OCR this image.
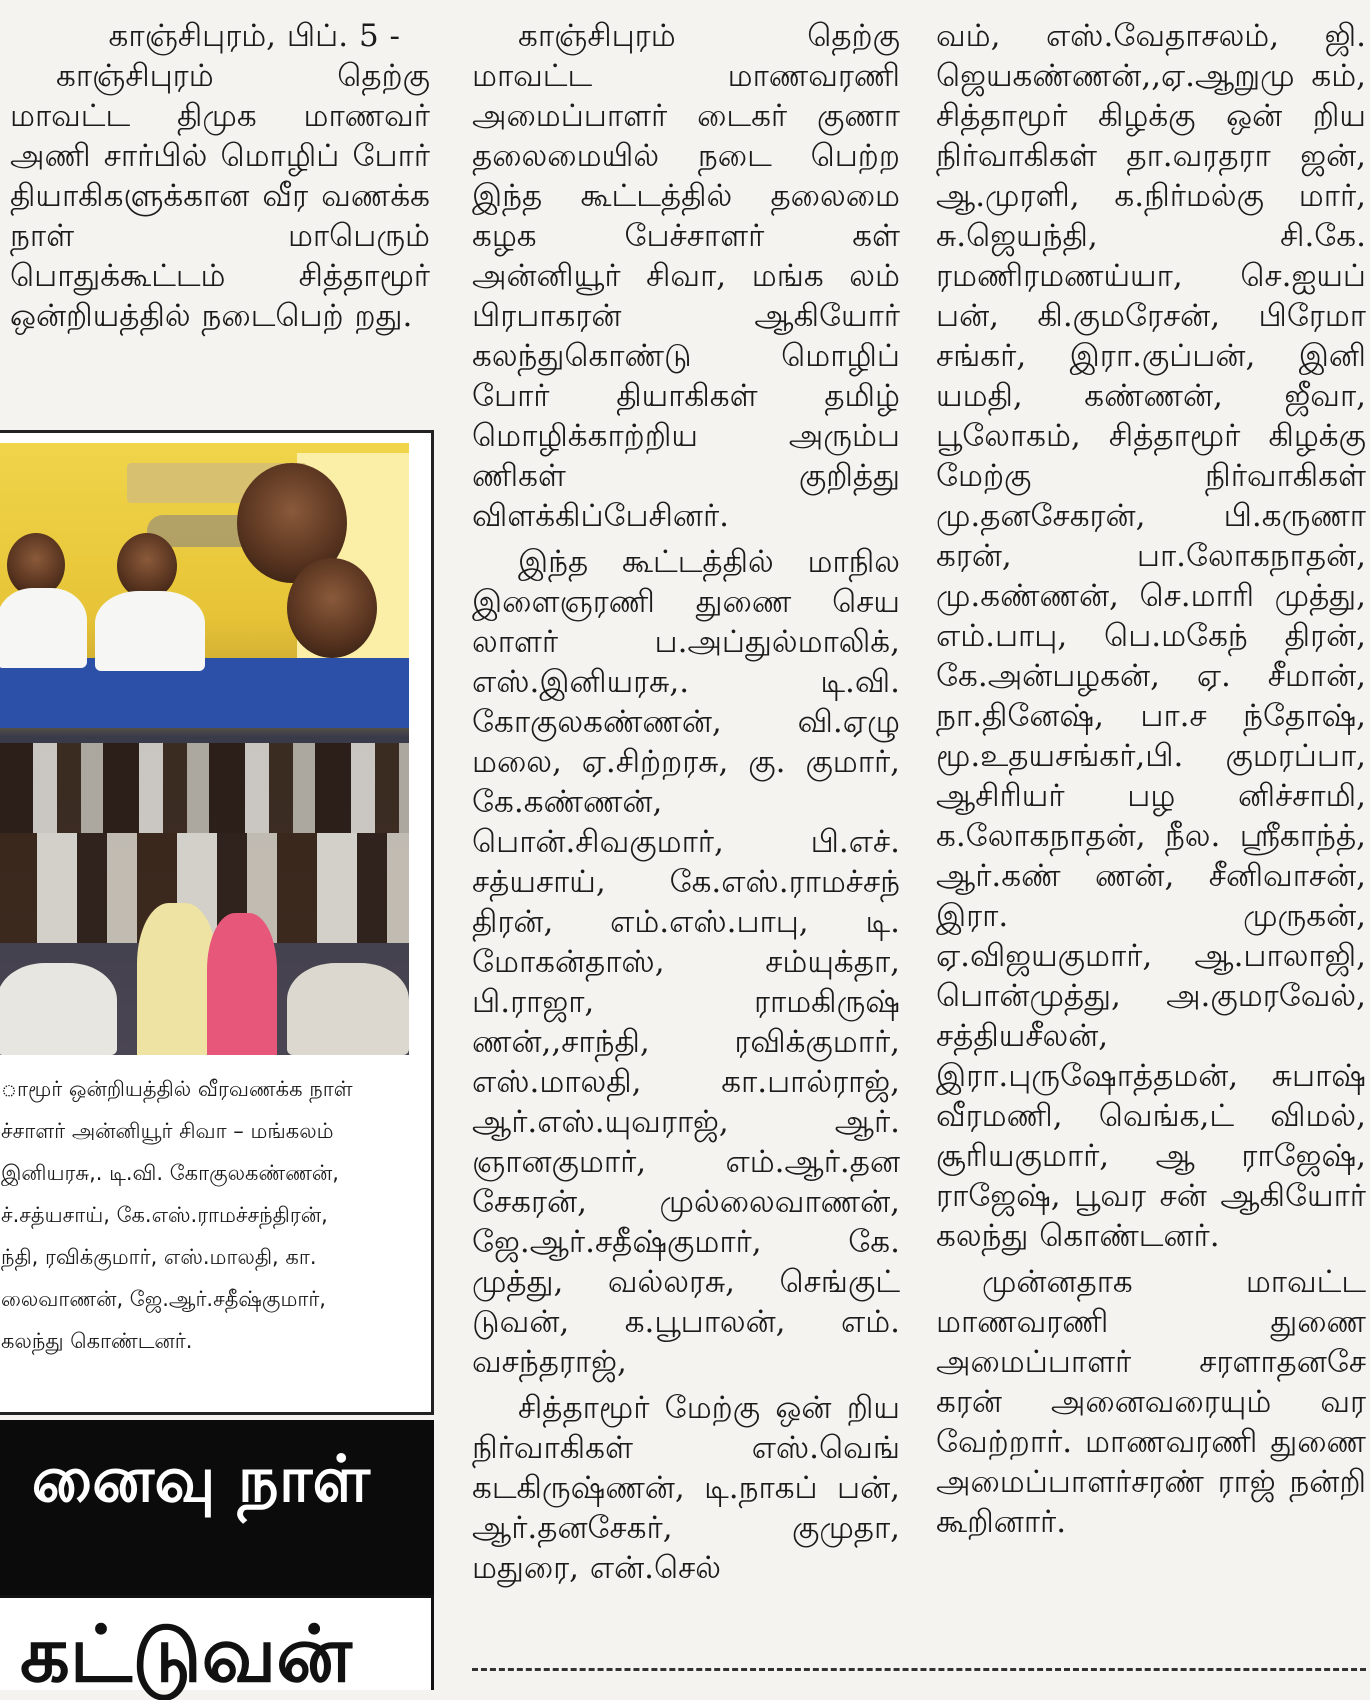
காஞ்சிபுரம், பிப். 5 -

காஞ்சிபுரம் தெற்கு மாவட்ட திமுக மாணவர் அணி சார்பில் மொழிப் போர் தியாகிகளுக்கான வீர வணக்க நாள் மாபெரும் பொதுக்கூட்டம் சித்தாமூர் ஒன்றியத்தில் நடைபெற் றது.

ாமூர் ஒன்றியத்தில் வீரவணக்க நாள்
ச்சாளர் அன்னியூர் சிவா – மங்கலம்
இனியரசு,. டி.வி. கோகுலகண்ணன்,
ச்.சத்யசாய், கே.எஸ்.ராமச்சந்திரன்,
ந்தி, ரவிக்குமார், எஸ்.மாலதி, கா.
லைவாணன், ஜே.ஆர்.சதீஷ்குமார்,
கலந்து கொண்டனர்.
னைவு நாள்
கட்டுவன்

காஞ்சிபுரம் தெற்கு மாவட்ட மாணவரணி அமைப்பாளர் டைகர் குணா தலைமையில் நடை பெற்ற இந்த கூட்டத்தில் தலைமை கழக பேச்சாளர் கள் அன்னியூர் சிவா, மங்க லம் பிரபாகரன் ஆகியோர் கலந்துகொண்டு மொழிப் போர் தியாகிகள் தமிழ் மொழிக்காற்றிய அரும்ப ணிகள் குறித்து விளக்கிப்பேசினர்.

இந்த கூட்டத்தில் மாநில இளைஞரணி துணை செய லாளர் ப.அப்துல்மாலிக், எஸ்.இனியரசு,. டி.வி. கோகுலகண்ணன், வி.ஏழு மலை, ஏ.சிற்றரசு, கு. குமார், கே.கண்ணன், பொன்.சிவகுமார், பி.எச். சத்யசாய், கே.எஸ்.ராமச்சந் திரன், எம்.எஸ்.பாபு, டி. மோகன்தாஸ், சம்யுக்தா, பி.ராஜா, ராமகிருஷ் ணன்,,சாந்தி, ரவிக்குமார், எஸ்.மாலதி, கா.பால்ராஜ், ஆர்.எஸ்.யுவராஜ், ஆர். ஞானகுமார், எம்.ஆர்.தன சேகரன், முல்லைவாணன், ஜே.ஆர்.சதீஷ்குமார், கே. முத்து, வல்லரசு, செங்குட் டுவன், க.பூபாலன், எம். வசந்தராஜ்,

சித்தாமூர் மேற்கு ஒன் றிய நிர்வாகிகள் எஸ்.வெங் கடகிருஷ்ணன், டி.நாகப் பன், ஆர்.தனசேகர், குமுதா, மதுரை, என்.செல்

வம், எஸ்.வேதாசலம், ஜி. ஜெயகண்ணன்,,ஏ.ஆறுமு கம், சித்தாமூர் கிழக்கு ஒன் றிய நிர்வாகிகள் தா.வரதரா ஜன், ஆ.முரளி, க.நிர்மல்கு மார், சு.ஜெயந்தி, சி.கே. ரமணிரமணய்யா, செ.ஐயப் பன், கி.குமரேசன், பிரேமா சங்கர், இரா.குப்பன், இனி யமதி, கண்ணன், ஜீவா, பூலோகம், சித்தாமூர் கிழக்கு மேற்கு நிர்வாகிகள் மு.தனசேகரன், பி.கருணா கரன், பா.லோகநாதன், மு.கண்ணன், செ.மாரி முத்து, எம்.பாபு, பெ.மகேந் திரன், கே.அன்பழகன், ஏ. சீமான், நா.தினேஷ், பா.ச ந்தோஷ், மூ.உதயசங்கர்,பி. குமரப்பா, ஆசிரியர் பழ னிச்சாமி, க.லோகநாதன், நீல. ஸ்ரீகாந்த், ஆர்.கண் ணன், சீனிவாசன், இரா. முருகன், ஏ.விஜயகுமார், ஆ.பாலாஜி, பொன்முத்து, அ.குமரவேல், சத்தியசீலன், இரா.புருஷோத்தமன், சுபாஷ் வீரமணி, வெங்க,ட் விமல், சூரியகுமார், ஆ ராஜேஷ், ராஜேஷ், பூவர சன் ஆகியோர் கலந்து கொண்டனர்.

முன்னதாக மாவட்ட மாணவரணி துணை அமைப்பாளர் சரளாதனசே கரன் அனைவரையும் வர வேற்றார். மாணவரணி துணை அமைப்பாளர்சரண் ராஜ் நன்றி கூறினார்.
